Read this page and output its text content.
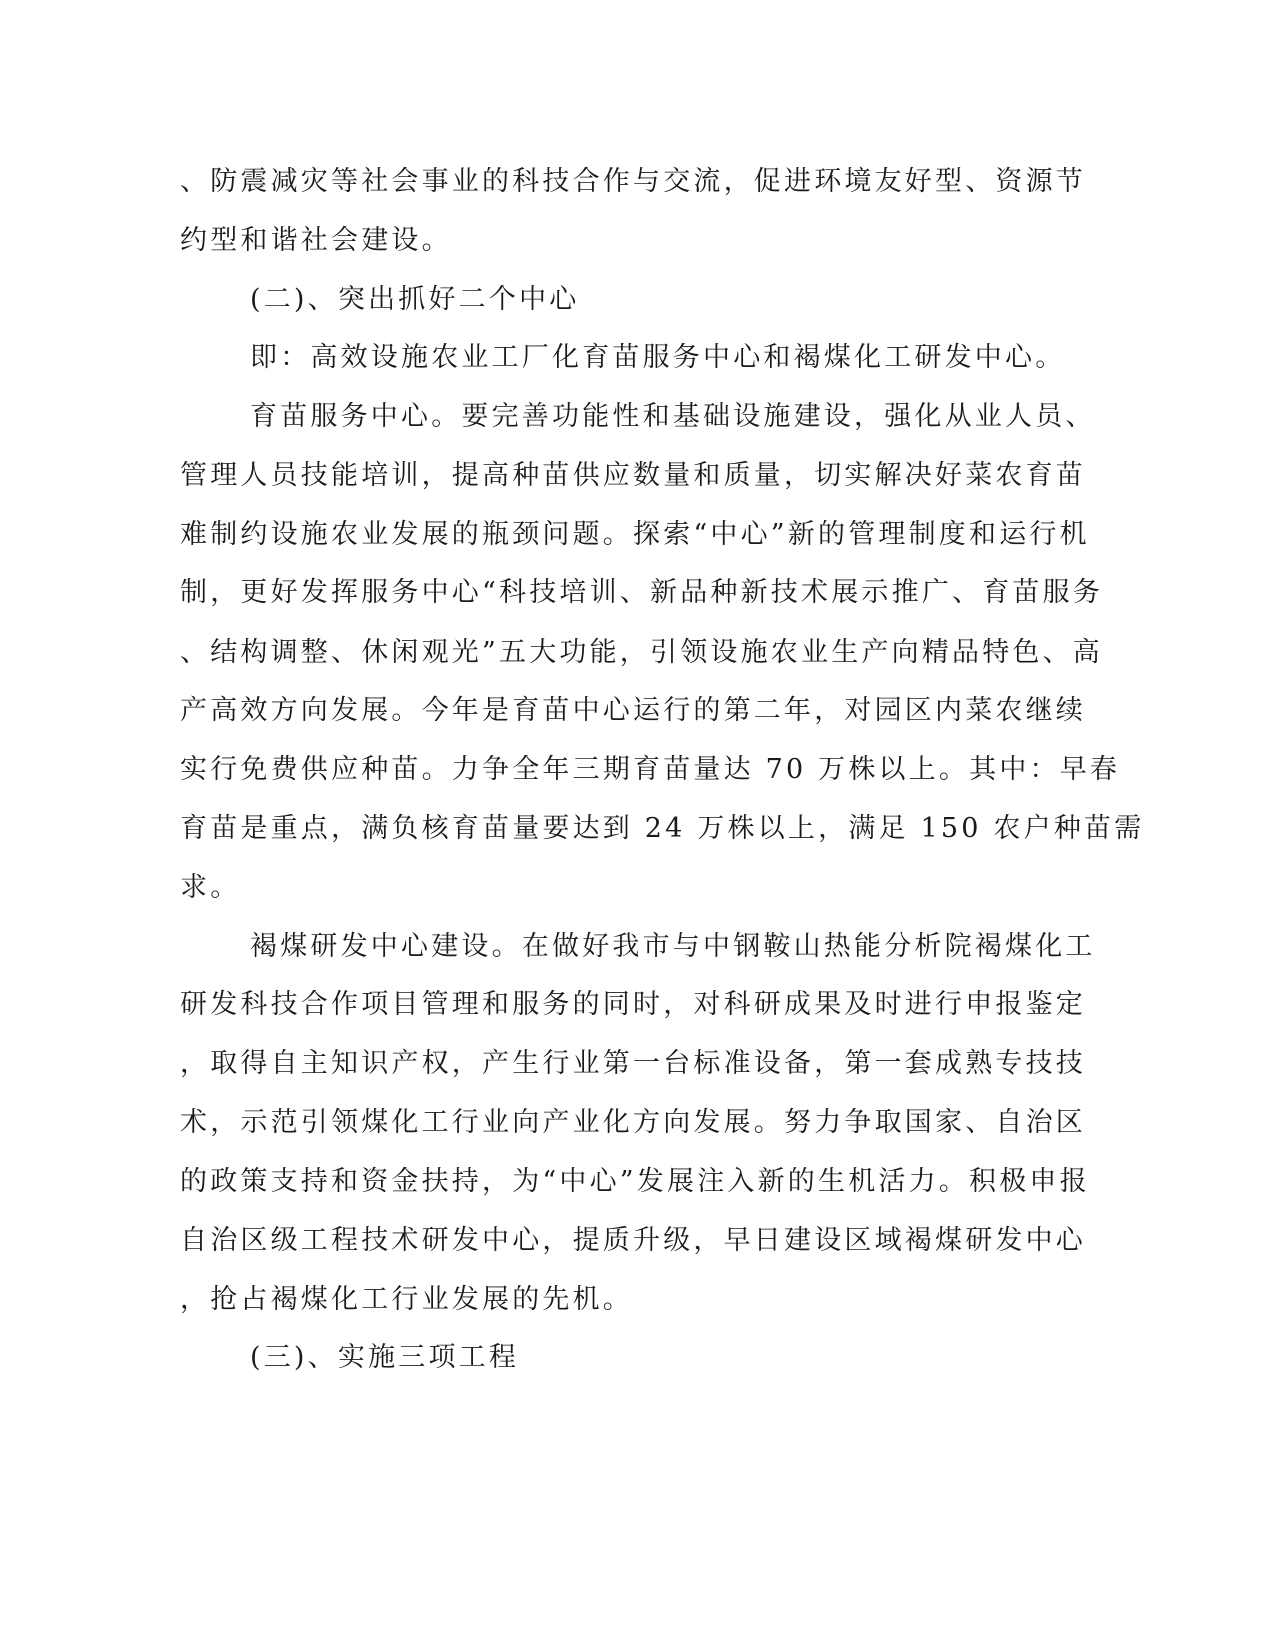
、防震减灾等社会事业的科技合作与交流，促进环境友好型、资源节
约型和谐社会建设。
(二)、突出抓好二个中心
即：高效设施农业工厂化育苗服务中心和褐煤化工研发中心。
育苗服务中心。要完善功能性和基础设施建设，强化从业人员、
管理人员技能培训，提高种苗供应数量和质量，切实解决好菜农育苗
难制约设施农业发展的瓶颈问题。探索“中心”新的管理制度和运行机
制，更好发挥服务中心“科技培训、新品种新技术展示推广、育苗服务
、结构调整、休闲观光”五大功能，引领设施农业生产向精品特色、高
产高效方向发展。今年是育苗中心运行的第二年，对园区内菜农继续
实行免费供应种苗。力争全年三期育苗量达 70 万株以上。其中：早春
育苗是重点，满负核育苗量要达到 24 万株以上，满足 150 农户种苗需
求。
褐煤研发中心建设。在做好我市与中钢鞍山热能分析院褐煤化工
研发科技合作项目管理和服务的同时，对科研成果及时进行申报鉴定
，取得自主知识产权，产生行业第一台标准设备，第一套成熟专技技
术，示范引领煤化工行业向产业化方向发展。努力争取国家、自治区
的政策支持和资金扶持，为“中心”发展注入新的生机活力。积极申报
自治区级工程技术研发中心，提质升级，早日建设区域褐煤研发中心
，抢占褐煤化工行业发展的先机。
(三)、实施三项工程
